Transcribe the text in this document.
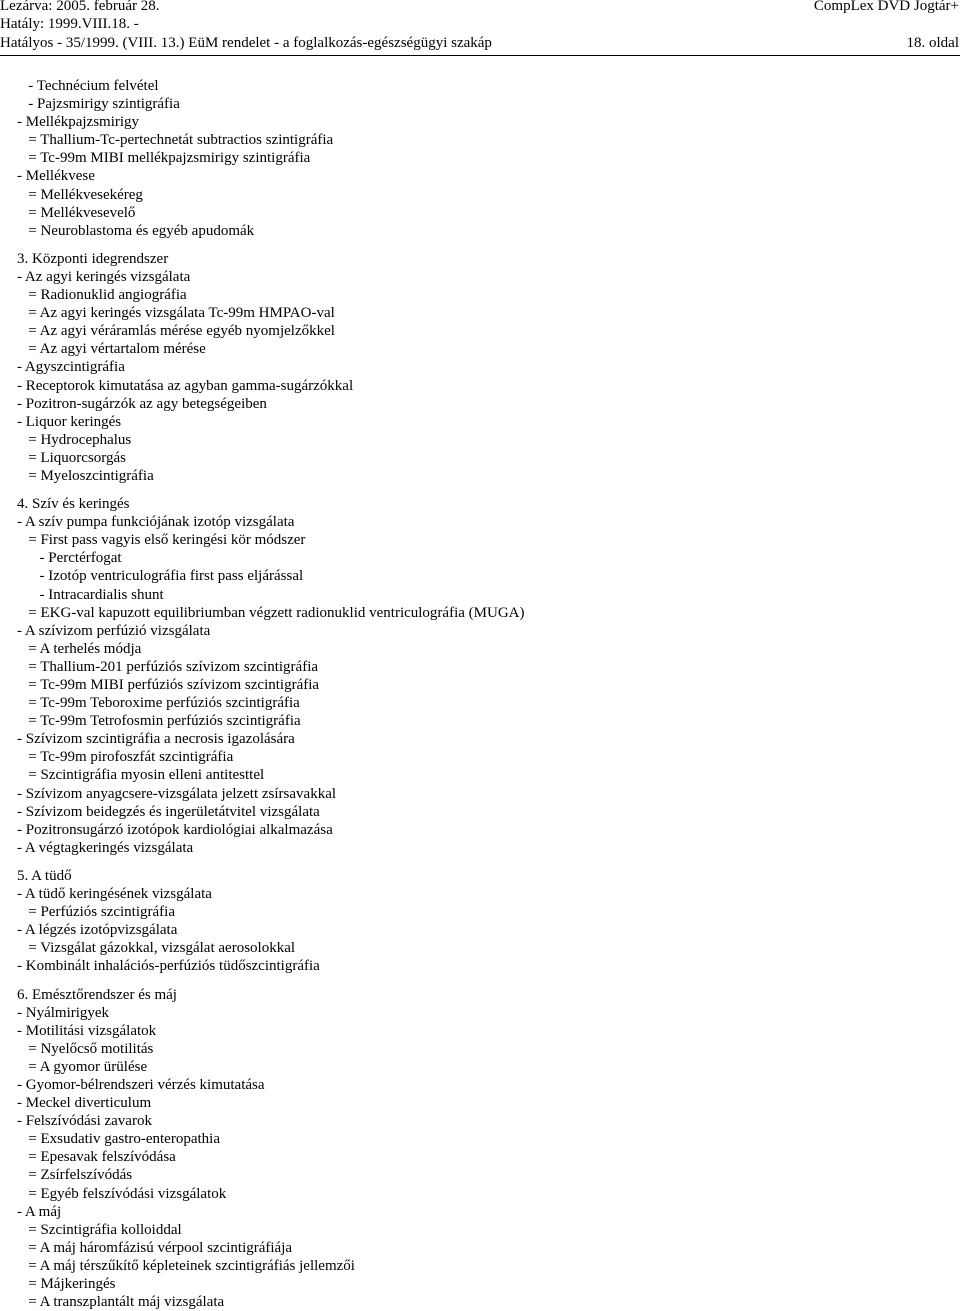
Lezárva: 2005. február 28.	CompLex DVD Jogtár+
Hatály: 1999.VIII.18. -
Hatályos - 35/1999. (VIII. 13.) EüM rendelet - a foglalkozás-egészségügyi szakáp	18. oldal
- Technécium felvétel
- Pajzsmirigy szintigráfia
- Mellékpajzsmirigy
= Thallium-Tc-pertechnetát subtractios szintigráfia
= Tc-99m MIBI mellékpajzsmirigy szintigráfia
- Mellékvese
= Mellékvesekéreg
= Mellékvesevelő
= Neuroblastoma és egyéb apudomák
3. Központi idegrendszer
- Az agyi keringés vizsgálata
= Radionuklid angiográfia
= Az agyi keringés vizsgálata Tc-99m HMPAO-val
= Az agyi véráramlás mérése egyéb nyomjelzőkkel
= Az agyi vértartalom mérése
- Agyszcintigráfia
- Receptorok kimutatása az agyban gamma-sugárzókkal
- Pozitron-sugárzók az agy betegségeiben
- Liquor keringés
= Hydrocephalus
= Liquorcsorgás
= Myeloszcintigráfia
4. Szív és keringés
- A szív pumpa funkciójának izotóp vizsgálata
= First pass vagyis első keringési kör módszer
- Perctérfogat
- Izotóp ventriculográfia first pass eljárással
- Intracardialis shunt
= EKG-val kapuzott equilibriumban végzett radionuklid ventriculográfia (MUGA)
- A szívizom perfúzió vizsgálata
= A terhelés módja
= Thallium-201 perfúziós szívizom szcintigráfia
= Tc-99m MIBI perfúziós szívizom szcintigráfia
= Tc-99m Teboroxime perfúziós szcintigráfia
= Tc-99m Tetrofosmin perfúziós szcintigráfia
- Szívizom szcintigráfia a necrosis igazolására
= Tc-99m pirofoszfát szcintigráfia
= Szcintigráfia myosin elleni antitesttel
- Szívizom anyagcsere-vizsgálata jelzett zsírsavakkal
- Szívizom beidegzés és ingerületátvitel vizsgálata
- Pozitronsugárzó izotópok kardiológiai alkalmazása
- A végtagkeringés vizsgálata
5. A tüdő
- A tüdő keringésének vizsgálata
= Perfúziós szcintigráfia
- A légzés izotópvizsgálata
= Vizsgálat gázokkal, vizsgálat aerosolokkal
- Kombinált inhalációs-perfúziós tüdőszcintigráfia
6. Emésztőrendszer és máj
- Nyálmirigyek
- Motilitási vizsgálatok
= Nyelőcső motilitás
= A gyomor ürülése
- Gyomor-bélrendszeri vérzés kimutatása
- Meckel diverticulum
- Felszívódási zavarok
= Exsudativ gastro-enteropathia
= Epesavak felszívódása
= Zsírfelszívódás
= Egyéb felszívódási vizsgálatok
- A máj
= Szcintigráfia kolloiddal
= A máj háromfázisú vérpool szcintigráfiája
= A máj térszűkítő képleteinek szcintigráfiás jellemzői
= Májkeringés
= A transzplantált máj vizsgálata
